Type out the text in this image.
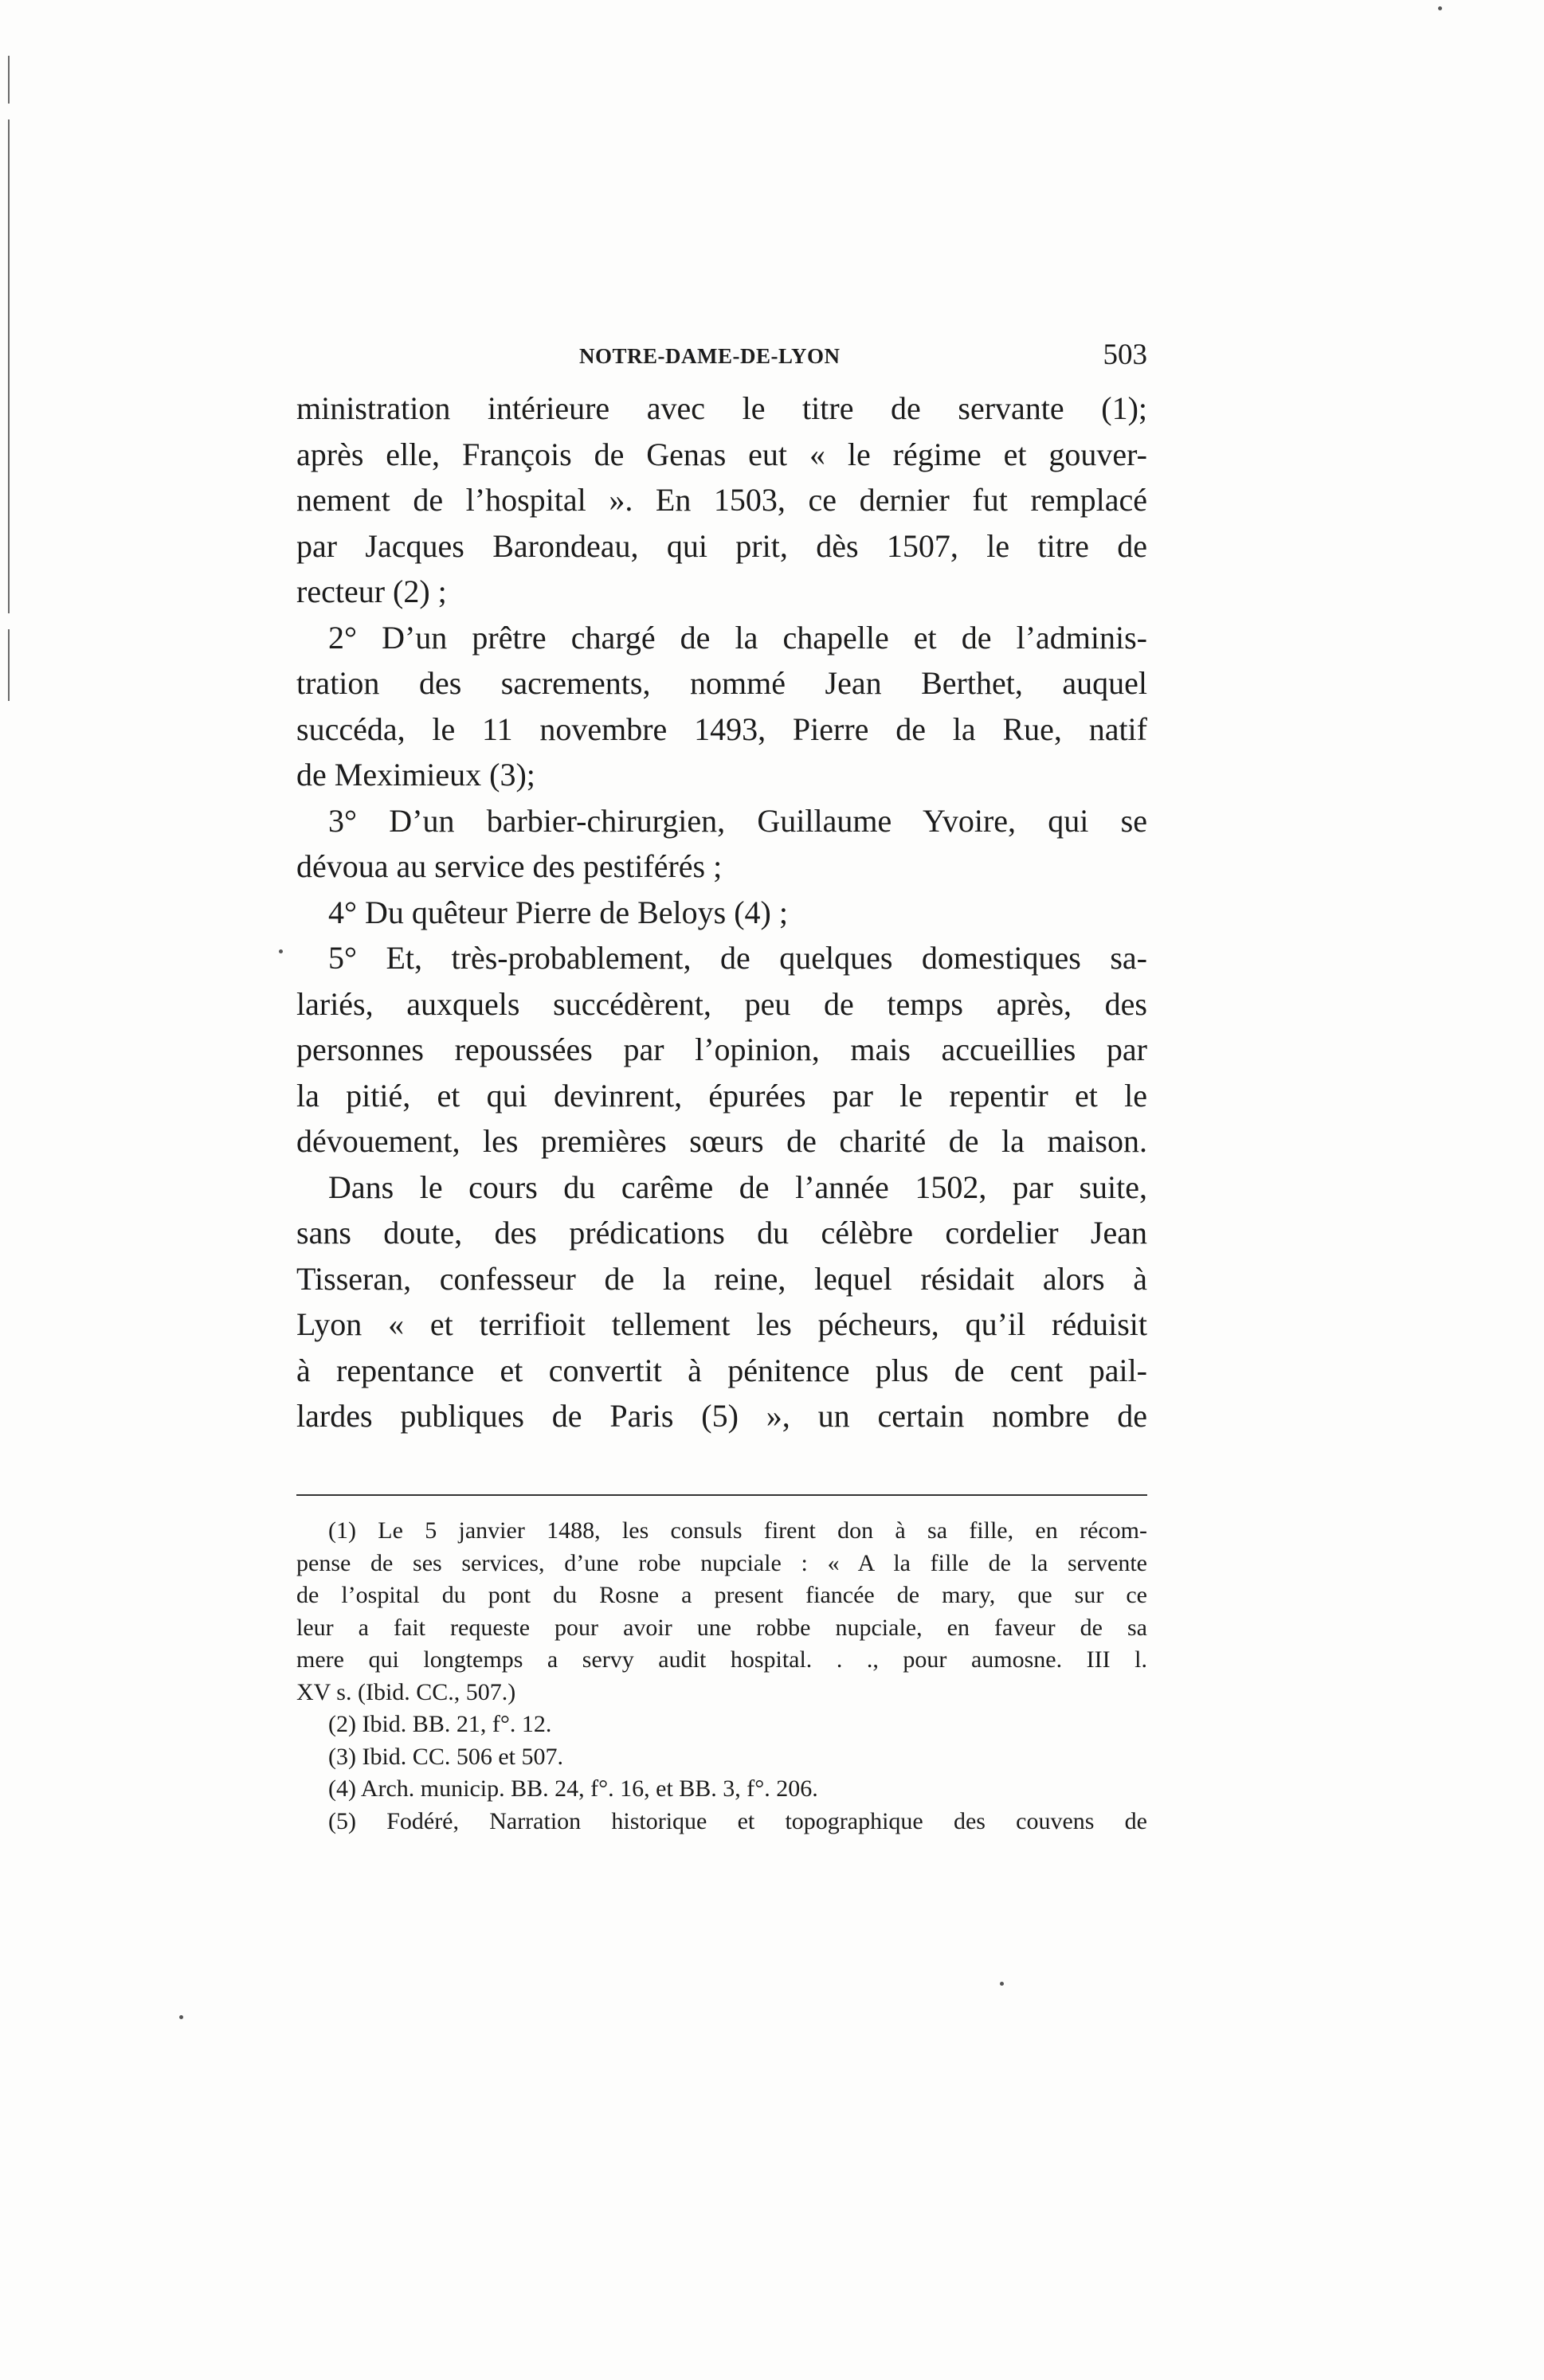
NOTRE-DAME-DE-LYON	503
ministration intérieure avec le titre de servante (1);
après elle, François de Genas eut « le régime et gouver-
nement de l’hospital ». En 1503, ce dernier fut remplacé
par Jacques Barondeau, qui prit, dès 1507, le titre de
recteur (2) ;
2° D’un prêtre chargé de la chapelle et de l’adminis-
tration des sacrements, nommé Jean Berthet, auquel
succéda, le 11 novembre 1493, Pierre de la Rue, natif
de Meximieux (3);
3° D’un barbier-chirurgien, Guillaume Yvoire, qui se
dévoua au service des pestiférés ;
4° Du quêteur Pierre de Beloys (4) ;
5° Et, très-probablement, de quelques domestiques sa-
lariés, auxquels succédèrent, peu de temps après, des
personnes repoussées par l’opinion, mais accueillies par
la pitié, et qui devinrent, épurées par le repentir et le
dévouement, les premières sœurs de charité de la maison.
Dans le cours du carême de l’année 1502, par suite,
sans doute, des prédications du célèbre cordelier Jean
Tisseran, confesseur de la reine, lequel résidait alors à
Lyon « et terrifioit tellement les pécheurs, qu’il réduisit
à repentance et convertit à pénitence plus de cent pail-
lardes publiques de Paris (5) », un certain nombre de
(1) Le 5 janvier 1488, les consuls firent don à sa fille, en récom-
pense de ses services, d’une robe nupciale : « A la fille de la servente
de l’ospital du pont du Rosne a present fiancée de mary, que sur ce
leur a fait requeste pour avoir une robbe nupciale, en faveur de sa
mere qui longtemps a servy audit hospital. . ., pour aumosne. III l.
XV s. (Ibid. CC., 507.)
(2) Ibid. BB. 21, f°. 12.
(3) Ibid. CC. 506 et 507.
(4) Arch. municip. BB. 24, f°. 16, et BB. 3, f°. 206.
(5) Fodéré, Narration historique et topographique des couvens de
